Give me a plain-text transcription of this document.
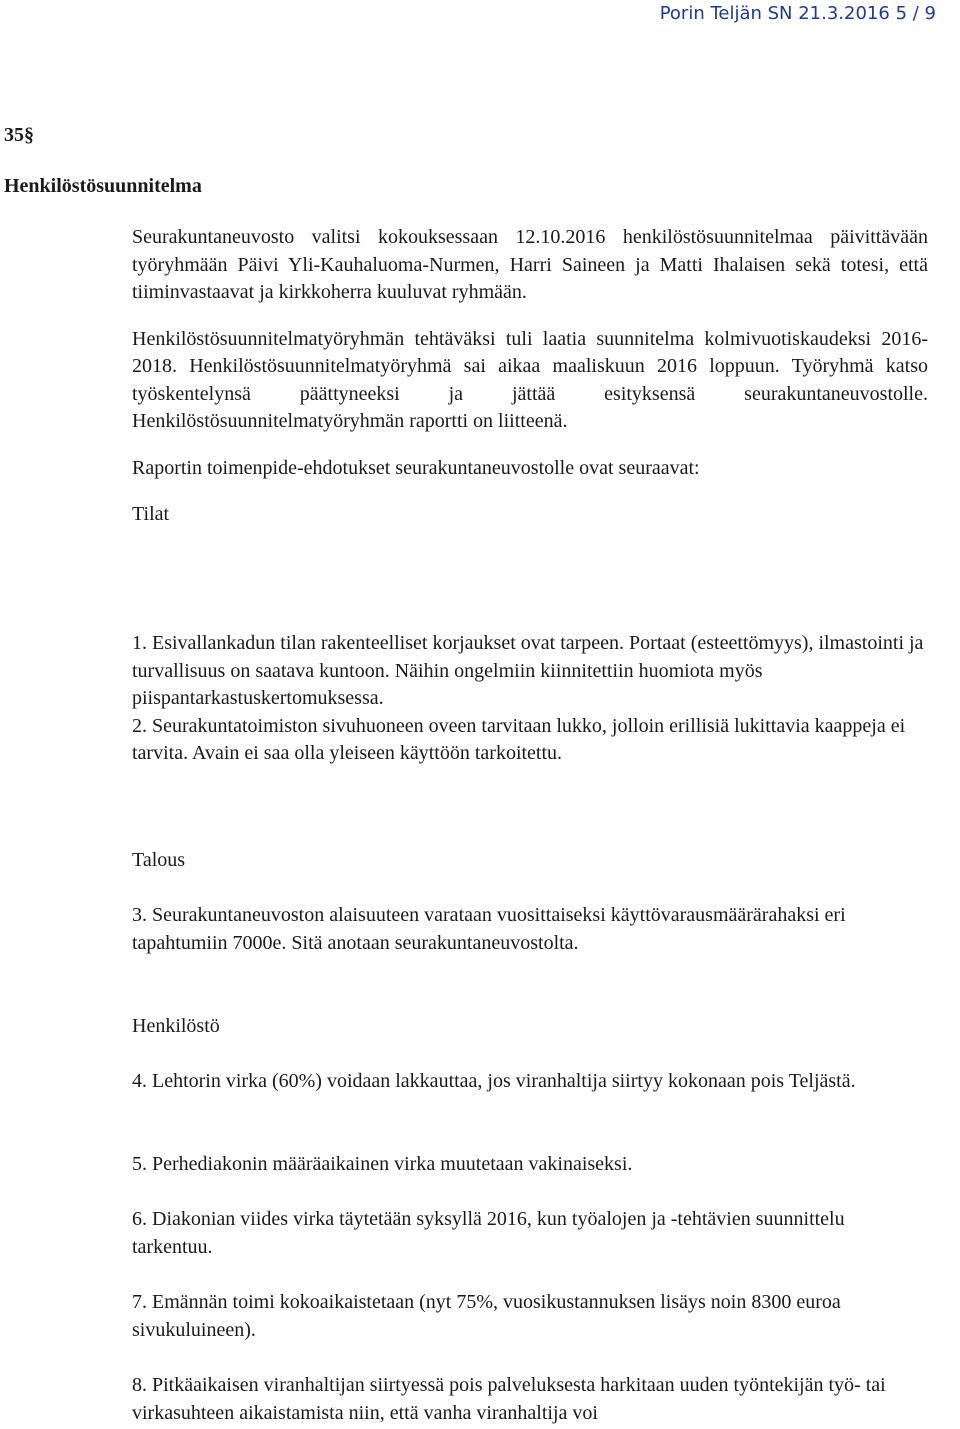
Porin Teljän SN 21.3.2016 5 / 9

35§

Henkilöstösuunnitelma

Seurakuntaneuvosto valitsi kokouksessaan 12.10.2016 henkilöstösuunnitelmaa päivittävään työryhmään Päivi Yli-Kauhaluoma-Nurmen, Harri Saineen ja Matti Ihalaisen sekä totesi, että tiiminvastaavat ja kirkkoherra kuuluvat ryhmään.

Henkilöstösuunnitelmatyöryhmän tehtäväksi tuli laatia suunnitelma kolmivuotiskaudeksi 2016-2018. Henkilöstösuunnitelmatyöryhmä sai aikaa maaliskuun 2016 loppuun. Työryhmä katso työskentelynsä päättyneeksi ja jättää esityksensä seurakuntaneuvostolle. Henkilöstösuunnitelmatyöryhmän raportti on liitteenä.

Raportin toimenpide-ehdotukset seurakuntaneuvostolle ovat seuraavat:

Tilat

1. Esivallankadun tilan rakenteelliset korjaukset ovat tarpeen. Portaat (esteettömyys), ilmastointi ja turvallisuus on saatava kuntoon. Näihin ongelmiin kiinnitettiin huomiota myös piispantarkastuskertomuksessa.

2. Seurakuntatoimiston sivuhuoneen oveen tarvitaan lukko, jolloin erillisiä lukittavia kaappeja ei tarvita. Avain ei saa olla yleiseen käyttöön tarkoitettu.

Talous

3. Seurakuntaneuvoston alaisuuteen varataan vuosittaiseksi käyttövarausmäärärahaksi eri tapahtumiin 7000e. Sitä anotaan seurakuntaneuvostolta.

Henkilöstö

4. Lehtorin virka (60%) voidaan lakkauttaa, jos viranhaltija siirtyy kokonaan pois Teljästä.

5. Perhediakonin määräaikainen virka muutetaan vakinaiseksi.

6. Diakonian viides virka täytetään syksyllä 2016, kun työalojen ja -tehtävien suunnittelu tarkentuu.

7. Emännän toimi kokoaikaistetaan (nyt 75%, vuosikustannuksen lisäys noin 8300 euroa sivukuluineen).

8. Pitkäaikaisen viranhaltijan siirtyessä pois palveluksesta harkitaan uuden työntekijän työ- tai virkasuhteen aikaistamista niin, että vanha viranhaltija voi
